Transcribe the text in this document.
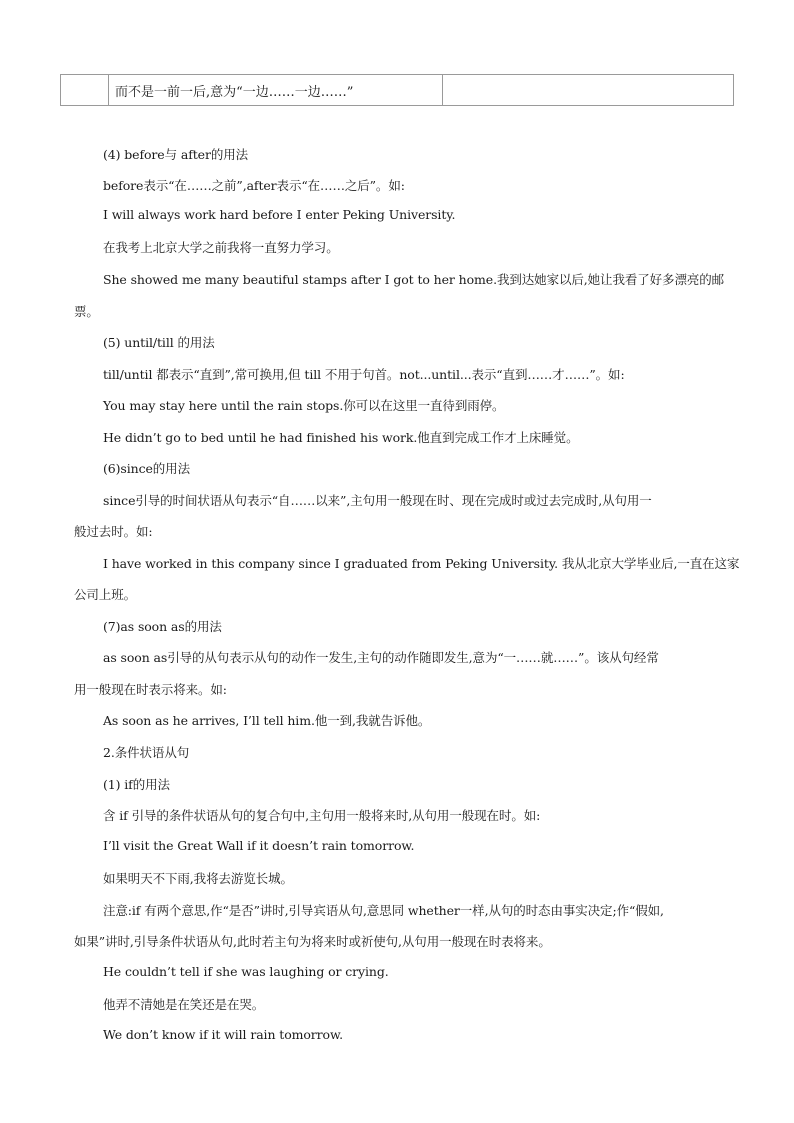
而不是一前一后,意为“一边……一边……”
(4) before与 after的用法
before表示“在……之前”,after表示“在……之后”。如:
I will always work hard before I enter Peking University.
在我考上北京大学之前我将一直努力学习。
She showed me many beautiful stamps after I got to her home.我到达她家以后,她让我看了好多漂亮的邮
票。
(5) until/till 的用法
till/until 都表示“直到”,常可换用,但 till 不用于句首。not...until...表示“直到……才……”。如:
You may stay here until the rain stops.你可以在这里一直待到雨停。
He didn’t go to bed until he had finished his work.他直到完成工作才上床睡觉。
(6)since的用法
since引导的时间状语从句表示“自……以来”,主句用一般现在时、现在完成时或过去完成时,从句用一
般过去时。如:
I have worked in this company since I graduated from Peking University. 我从北京大学毕业后,一直在这家
公司上班。
(7)as soon as的用法
as soon as引导的从句表示从句的动作一发生,主句的动作随即发生,意为“一……就……”。该从句经常
用一般现在时表示将来。如:
As soon as he arrives, I’ll tell him.他一到,我就告诉他。
2.条件状语从句
(1) if的用法
含 if 引导的条件状语从句的复合句中,主句用一般将来时,从句用一般现在时。如:
I’ll visit the Great Wall if it doesn’t rain tomorrow.
如果明天不下雨,我将去游览长城。
注意:if 有两个意思,作“是否”讲时,引导宾语从句,意思同 whether一样,从句的时态由事实决定;作“假如,
如果”讲时,引导条件状语从句,此时若主句为将来时或祈使句,从句用一般现在时表将来。
He couldn’t tell if she was laughing or crying.
他弄不清她是在笑还是在哭。
We don’t know if it will rain tomorrow.
